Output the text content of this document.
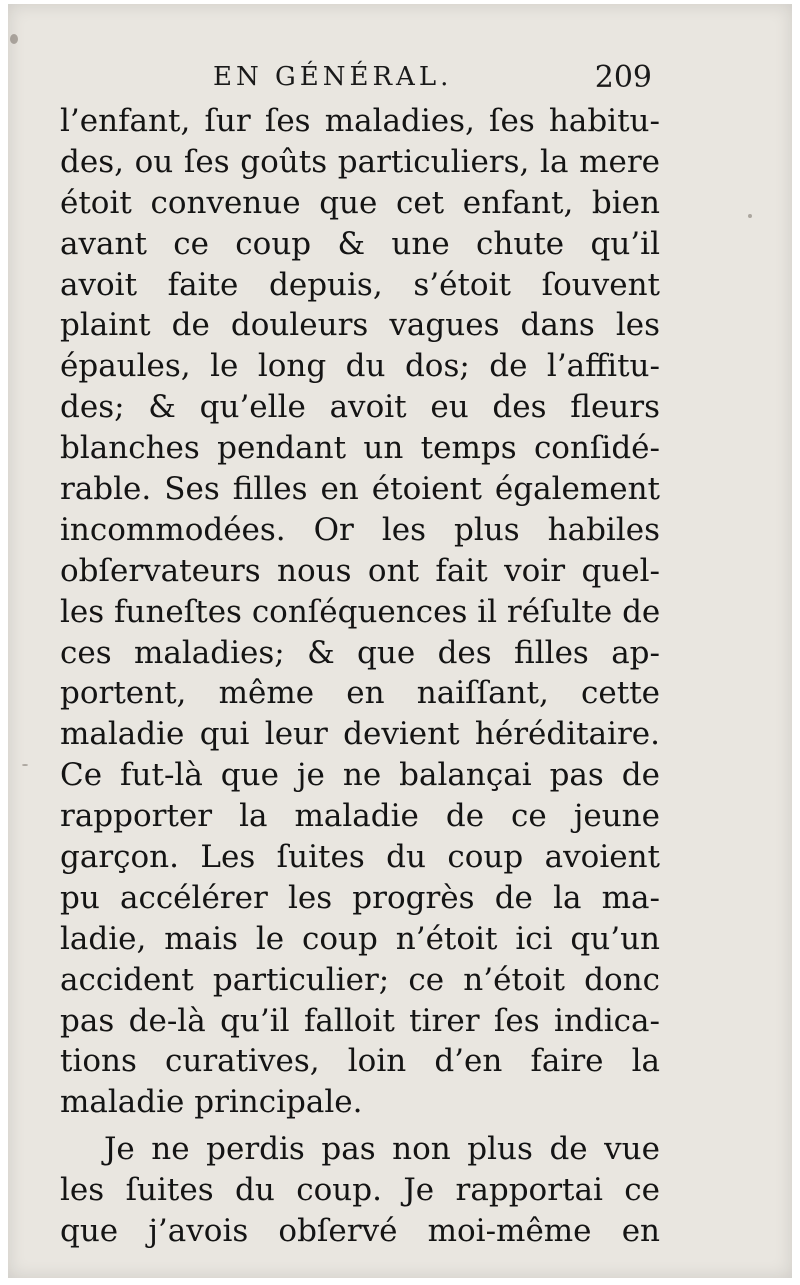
EN GÉNÉRAL.	209
l’enfant, ſur ſes maladies, ſes habitu-
des, ou ſes goûts particuliers, la mere
étoit convenue que cet enfant, bien
avant ce coup & une chute qu’il
avoit faite depuis, s’étoit ſouvent
plaint de douleurs vagues dans les
épaules, le long du dos; de l’affitu-
des; & qu’elle avoit eu des fleurs
blanches pendant un temps conſidé-
rable. Ses filles en étoient également
incommodées. Or les plus habiles
obſervateurs nous ont fait voir quel-
les funeſtes conſéquences il réſulte de
ces maladies; & que des filles ap-
portent, même en naiſſant, cette
maladie qui leur devient héréditaire.
Ce fut-là que je ne balançai pas de
rapporter la maladie de ce jeune
garçon. Les ſuites du coup avoient
pu accélérer les progrès de la ma-
ladie, mais le coup n’étoit ici qu’un
accident particulier; ce n’étoit donc
pas de-là qu’il falloit tirer ſes indica-
tions curatives, loin d’en faire la
maladie principale.
Je ne perdis pas non plus de vue
les ſuites du coup. Je rapportai ce
que j’avois obſervé moi-même en
